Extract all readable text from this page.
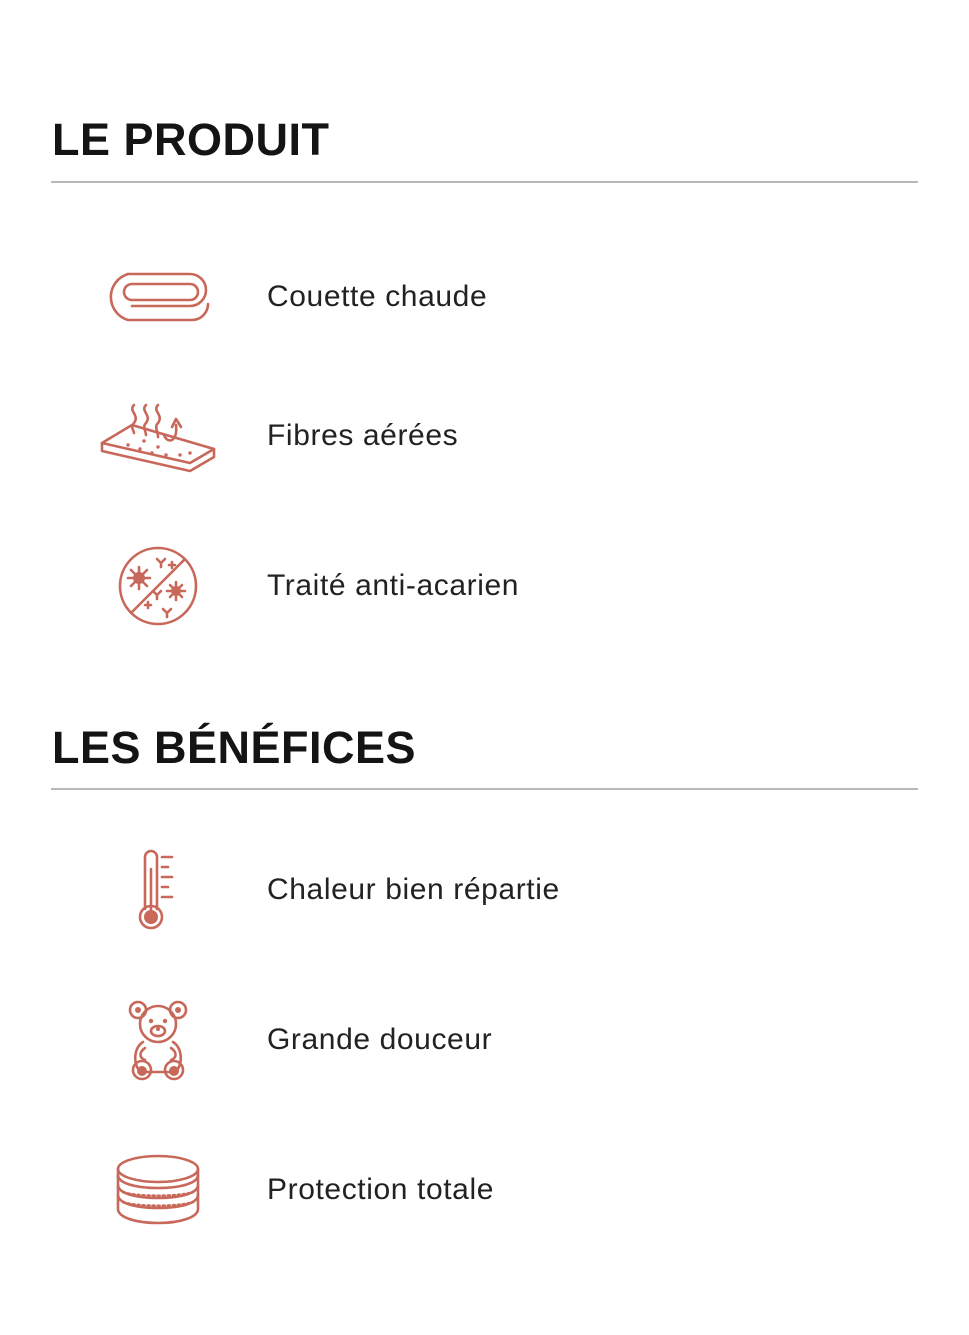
LE PRODUIT
Couette chaude
Fibres aérées
Traité anti-acarien
LES BÉNÉFICES
Chaleur bien répartie
Grande douceur
Protection totale
